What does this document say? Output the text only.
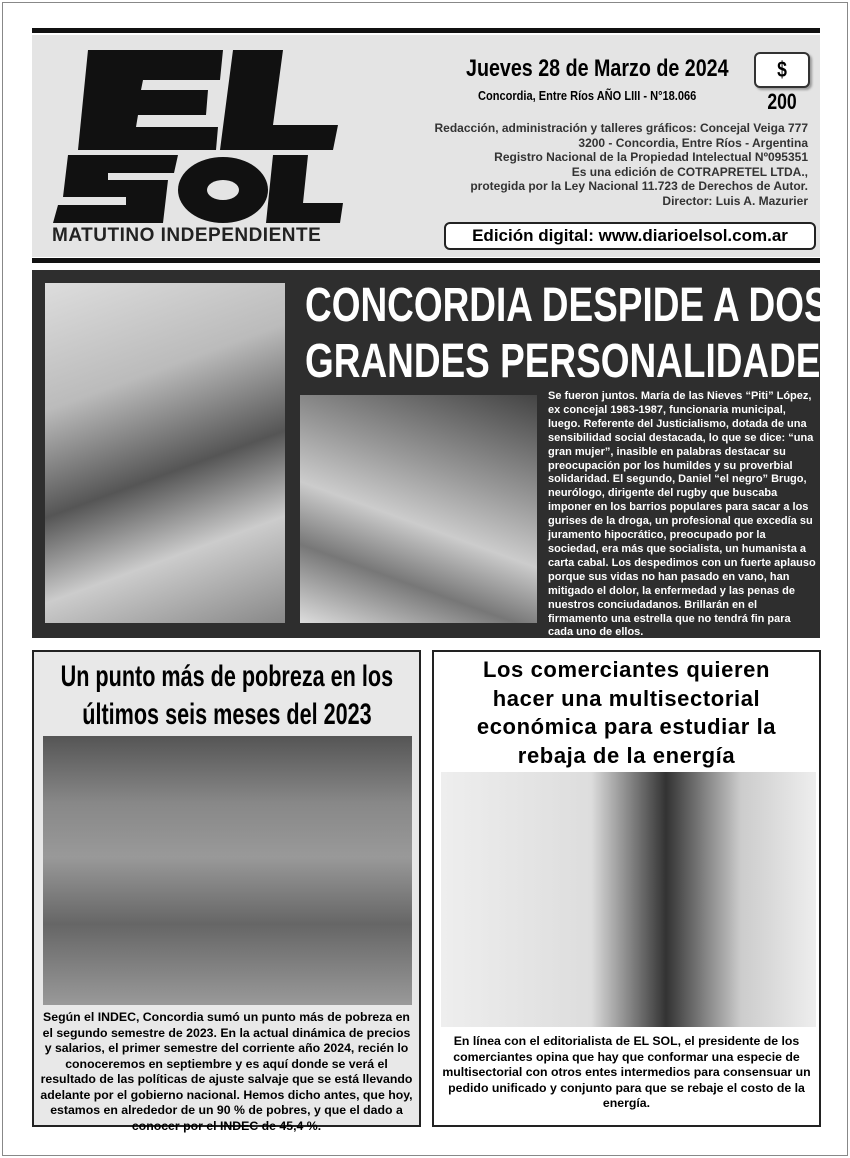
MATUTINO INDEPENDIENTE
Jueves 28 de Marzo de 2024
Concordia, Entre Ríos AÑO LIII - N°18.066
$ 200
Redacción, administración y talleres gráficos: Concejal Veiga 777
3200 - Concordia, Entre Ríos - Argentina
Registro Nacional de la Propiedad Intelectual Nº095351
Es una edición de COTRAPRETEL LTDA.,
protegida por la Ley Nacional 11.723 de Derechos de Autor.
Director: Luis A. Mazurier
Edición digital: www.diarioelsol.com.ar
CONCORDIA DESPIDE A DOS
GRANDES PERSONALIDADES
Se fueron juntos. María de las Nieves “Piti” López, ex concejal 1983-1987, funcionaria municipal, luego. Referente del Justicialismo, dotada de una sensibilidad social destacada, lo que se dice: “una gran mujer”, inasible en palabras destacar su preocupación por los humildes y su proverbial solidaridad. El segundo, Daniel “el negro” Brugo, neurólogo, dirigente del rugby que buscaba imponer en los barrios populares para sacar a los gurises de la droga, un profesional que excedía su juramento hipocrático, preocupado por la sociedad, era más que socialista, un humanista a carta cabal. Los despedimos con un fuerte aplauso porque sus vidas no han pasado en vano, han mitigado el dolor, la enfermedad y las penas de nuestros conciudadanos. Brillarán en el firmamento una estrella que no tendrá fin para cada uno de ellos.
Un punto más de pobreza en los
últimos seis meses del 2023
Según el INDEC, Concordia sumó un punto más de pobreza en el segundo semestre de 2023. En la actual dinámica de precios y salarios, el primer semestre del corriente año 2024, recién lo conoceremos en septiembre y es aquí donde se verá el resultado de las políticas de ajuste salvaje que se está llevando adelante por el gobierno nacional. Hemos dicho antes, que hoy, estamos en alrededor de un 90 % de pobres, y que el dado a conocer por el INDEC de 45,4 %.
Los comerciantes quieren
hacer una multisectorial
económica para estudiar la
rebaja de la energía
En línea con el editorialista de EL SOL, el presidente de los comerciantes opina que hay que conformar una especie de multisectorial con otros entes intermedios para consensuar un pedido unificado y conjunto para que se rebaje el costo de la energía.
